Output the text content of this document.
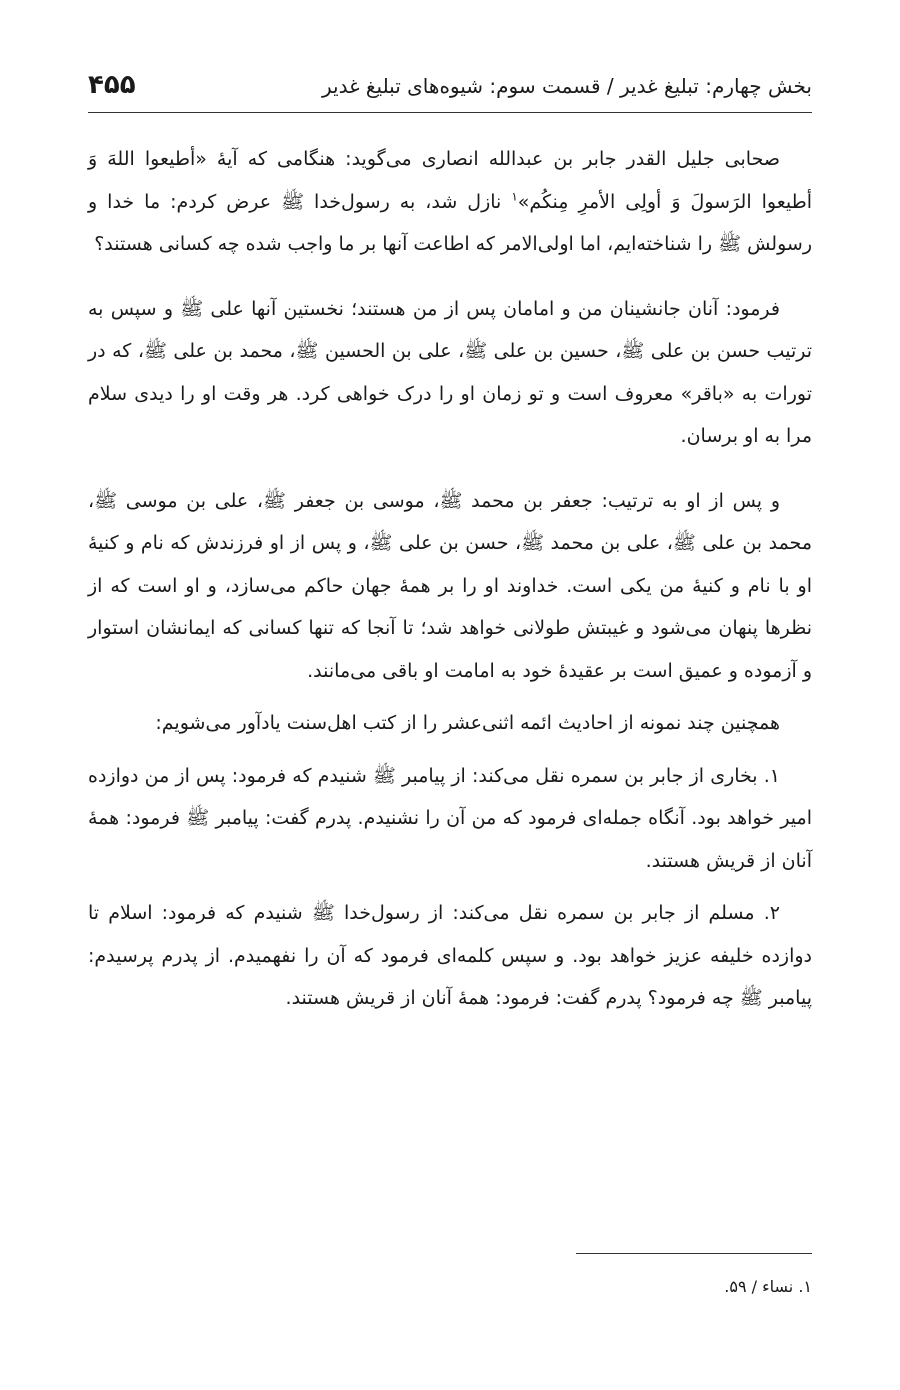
بخش چهارم: تبلیغ غدیر / قسمت سوم: شیوه‌های تبلیغ غدیر
۴۵۵

صحابی جلیل القدر جابر بن عبدالله انصاری می‌گوید: هنگامی که آیهٔ «أطیعوا اللهَ وَ أطیعوا الرَسولَ وَ أولِی الأمرِ مِنکُم»$^۱$ نازل شد، به رسول‌خدا ﷺ عرض کردم: ما خدا و رسولش ﷺ را شناخته‌ایم، اما اولی‌الامر که اطاعت آنها بر ما واجب شده چه کسانی هستند؟

فرمود: آنان جانشینان من و امامان پس از من هستند؛ نخستین آنها علی ﷺ و سپس به ترتیب حسن بن علی ﷺ، حسین بن علی ﷺ، علی بن الحسین ﷺ، محمد بن علی ﷺ، که در تورات به «باقر» معروف است و تو زمان او را درک خواهی کرد. هر وقت او را دیدی سلام مرا به او برسان.

و پس از او به ترتیب: جعفر بن محمد ﷺ، موسی بن جعفر ﷺ، علی بن موسی ﷺ، محمد بن علی ﷺ، علی بن محمد ﷺ، حسن بن علی ﷺ، و پس از او فرزندش که نام و کنیهٔ او با نام و کنیهٔ من یکی است. خداوند او را بر همهٔ جهان حاکم می‌سازد، و او است که از نظرها پنهان می‌شود و غیبتش طولانی خواهد شد؛ تا آنجا که تنها کسانی که ایمانشان استوار و آزموده و عمیق است بر عقیدهٔ خود به امامت او باقی می‌مانند.

همچنین چند نمونه از احادیث ائمه اثنی‌عشر را از کتب اهل‌سنت یادآور می‌شویم:

۱. بخاری از جابر بن سمره نقل می‌کند: از پیامبر ﷺ شنیدم که فرمود: پس از من دوازده امیر خواهد بود. آنگاه جمله‌ای فرمود که من آن را نشنیدم. پدرم گفت: پیامبر ﷺ فرمود: همهٔ آنان از قریش هستند.

۲. مسلم از جابر بن سمره نقل می‌کند: از رسول‌خدا ﷺ شنیدم که فرمود: اسلام تا دوازده خلیفه عزیز خواهد بود. و سپس کلمه‌ای فرمود که آن را نفهمیدم. از پدرم پرسیدم: پیامبر ﷺ چه فرمود؟ پدرم گفت: فرمود: همهٔ آنان از قریش هستند.

۱. نساء / ۵۹.
